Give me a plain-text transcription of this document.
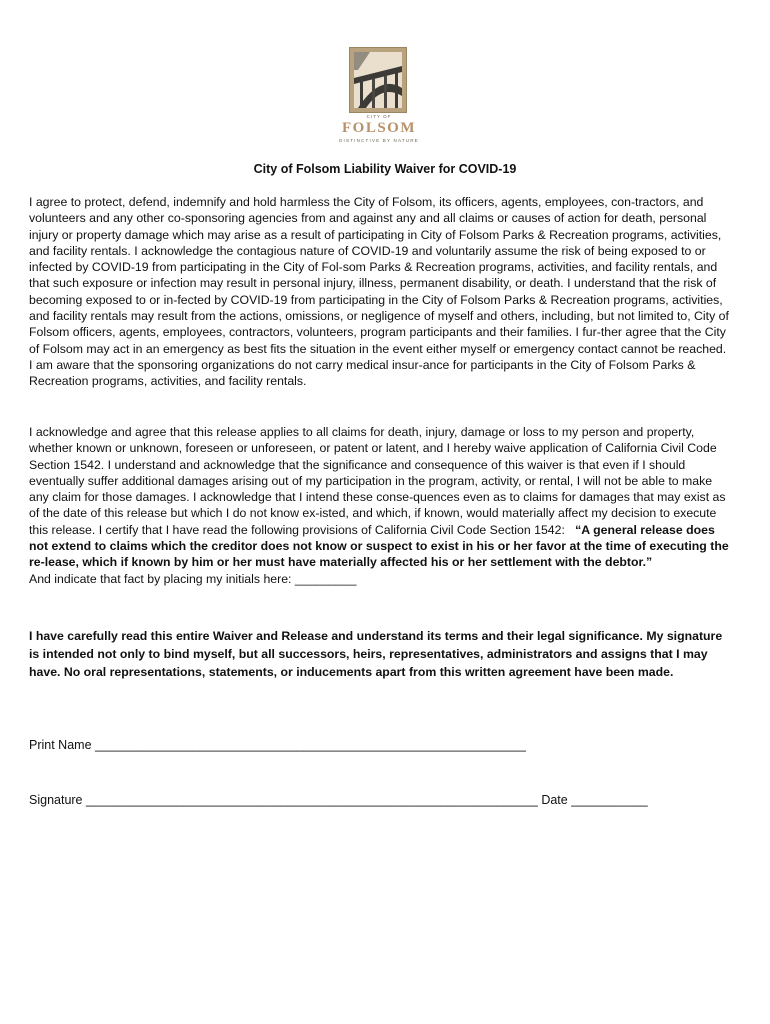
CITY OF
FOLSOM
DISTINCTIVE BY NATURE
City of Folsom Liability Waiver for COVID-19

I agree to protect, defend, indemnify and hold harmless the City of Folsom, its officers, agents, employees, con-tractors, and volunteers and any other co-sponsoring agencies from and against any and all claims or causes of action for death, personal injury or property damage which may arise as a result of participating in City of Folsom Parks & Recreation programs, activities, and facility rentals. I acknowledge the contagious nature of COVID-19 and voluntarily assume the risk of being exposed to or infected by COVID-19 from participating in the City of Fol-som Parks & Recreation programs, activities, and facility rentals, and that such exposure or infection may result in personal injury, illness, permanent disability, or death. I understand that the risk of becoming exposed to or in-fected by COVID-19 from participating in the City of Folsom Parks & Recreation programs, activities, and facility rentals may result from the actions, omissions, or negligence of myself and others, including, but not limited to, City of Folsom officers, agents, employees, contractors, volunteers, program participants and their families. I fur-ther agree that the City of Folsom may act in an emergency as best fits the situation in the event either myself or emergency contact cannot be reached. I am aware that the sponsoring organizations do not carry medical insur-ance for participants in the City of Folsom Parks & Recreation programs, activities, and facility rentals.

I acknowledge and agree that this release applies to all claims for death, injury, damage or loss to my person and property, whether known or unknown, foreseen or unforeseen, or patent or latent, and I hereby waive application of California Civil Code Section 1542. I understand and acknowledge that the significance and consequence of this waiver is that even if I should eventually suffer additional damages arising out of my participation in the program, activity, or rental, I will not be able to make any claim for those damages. I acknowledge that I intend these conse-quences even as to claims for damages that may exist as of the date of this release but which I do not know ex-isted, and which, if known, would materially affect my decision to execute this release. I certify that I have read the following provisions of California Civil Code Section 1542: “A general release does not extend to claims which the creditor does not know or suspect to exist in his or her favor at the time of executing the re-lease, which if known by him or her must have materially affected his or her settlement with the debtor.”
And indicate that fact by placing my initials here: _________

I have carefully read this entire Waiver and Release and understand its terms and their legal significance. My signature is intended not only to bind myself, but all successors, heirs, representatives, administrators and assigns that I may have. No oral representations, statements, or inducements apart from this written agreement have been made.

Print Name ______________________________________________________________
Signature _________________________________________________________________ Date ___________
